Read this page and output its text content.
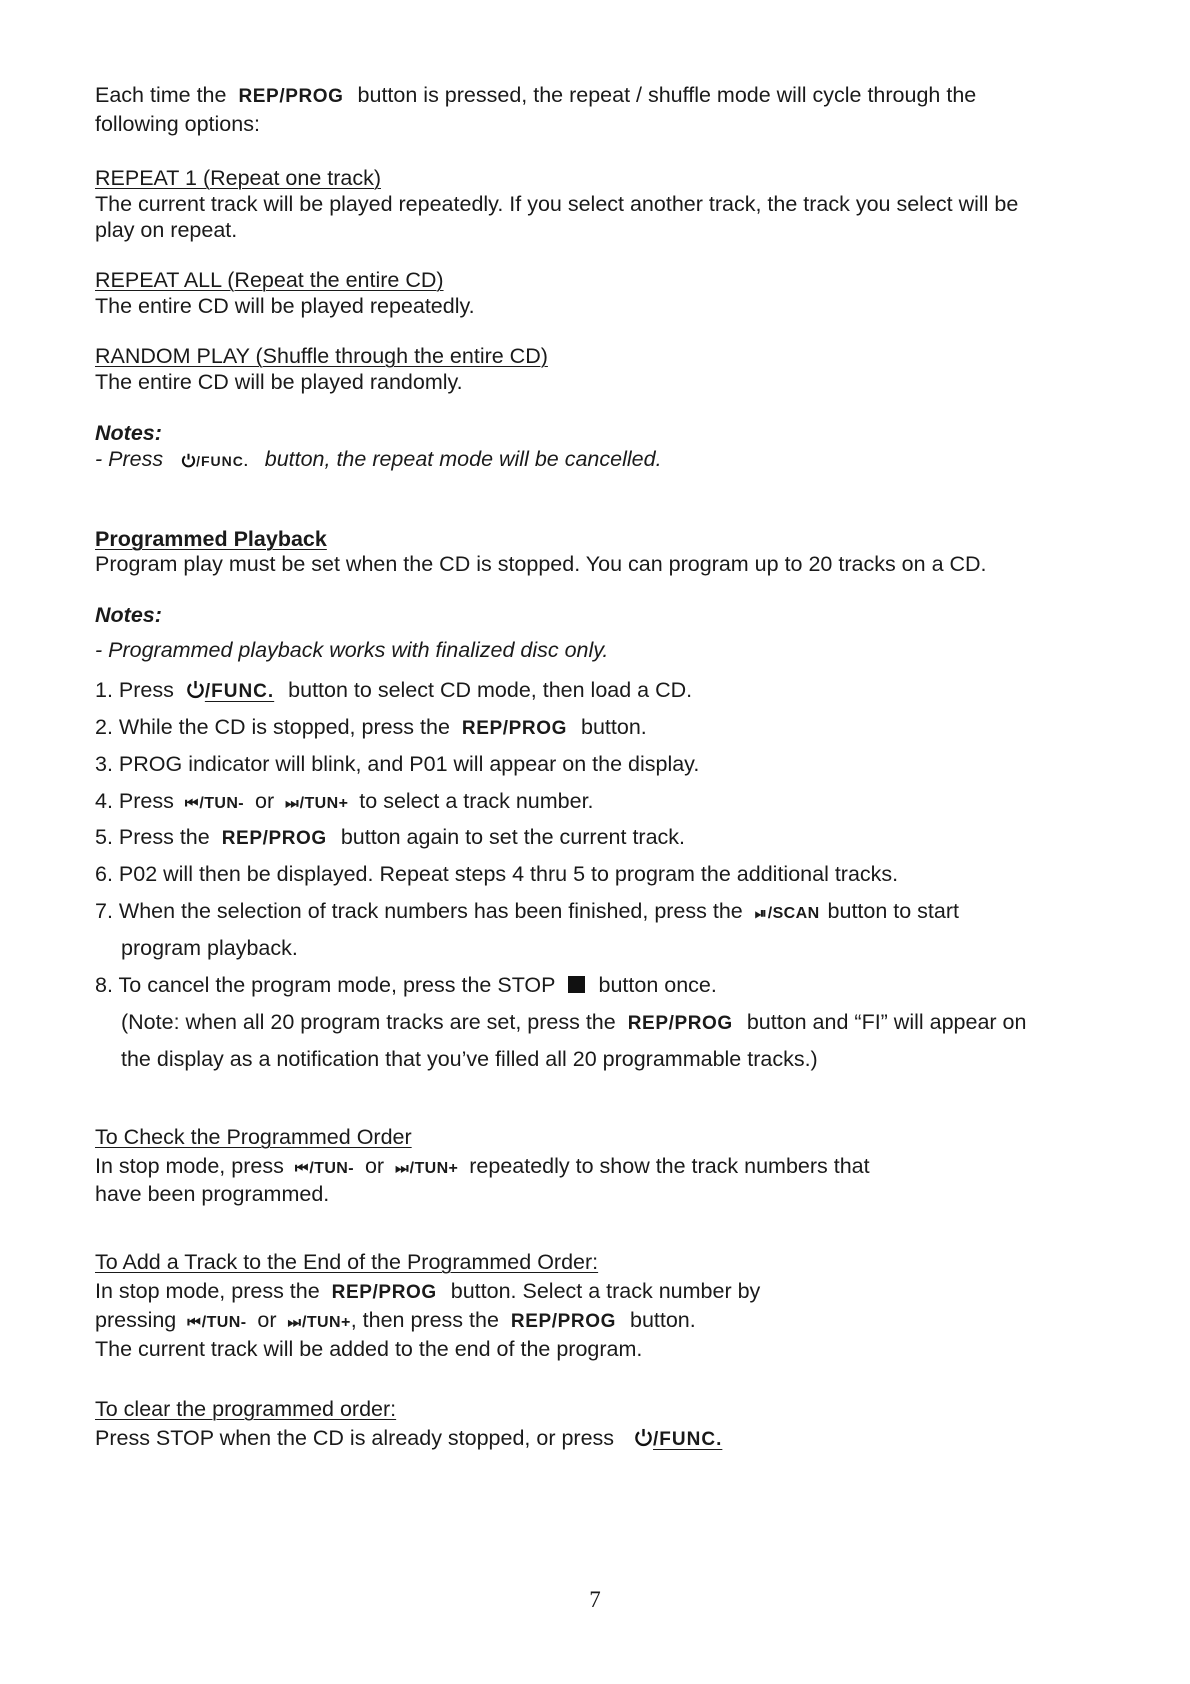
Each time the REP/PROG button is pressed, the repeat / shuffle mode will cycle through the
following options:
REPEAT 1 (Repeat one track)
The current track will be played repeatedly. If you select another track, the track you select will be
play on repeat.
REPEAT ALL (Repeat the entire CD)
The entire CD will be played repeatedly.
RANDOM PLAY (Shuffle through the entire CD)
The entire CD will be played randomly.
Notes:
- Press /FUNC. button, the repeat mode will be cancelled.
Programmed Playback
Program play must be set when the CD is stopped. You can program up to 20 tracks on a CD.
Notes:
- Programmed playback works with finalized disc only.
1. Press /FUNC. button to select CD mode, then load a CD.
2. While the CD is stopped, press the REP/PROG button.
3. PROG indicator will blink, and P01 will appear on the display.
4. Press ⏮ /TUN- or ⏭ /TUN+ to select a track number.
5. Press the REP/PROG button again to set the current track.
6. P02 will then be displayed. Repeat steps 4 thru 5 to program the additional tracks.
7. When the selection of track numbers has been finished, press the ⏯ /SCAN button to start
program playback.
8. To cancel the program mode, press the STOP button once.
(Note: when all 20 program tracks are set, press the REP/PROG button and “FI” will appear on
the display as a notification that you’ve filled all 20 programmable tracks.)
To Check the Programmed Order
In stop mode, press ⏮ /TUN- or ⏭ /TUN+ repeatedly to show the track numbers that
have been programmed.
To Add a Track to the End of the Programmed Order:
In stop mode, press the REP/PROG button. Select a track number by
pressing ⏮ /TUN- or ⏭ /TUN+, then press the REP/PROG button.
The current track will be added to the end of the program.
To clear the programmed order:
Press STOP when the CD is already stopped, or press /FUNC.
7
